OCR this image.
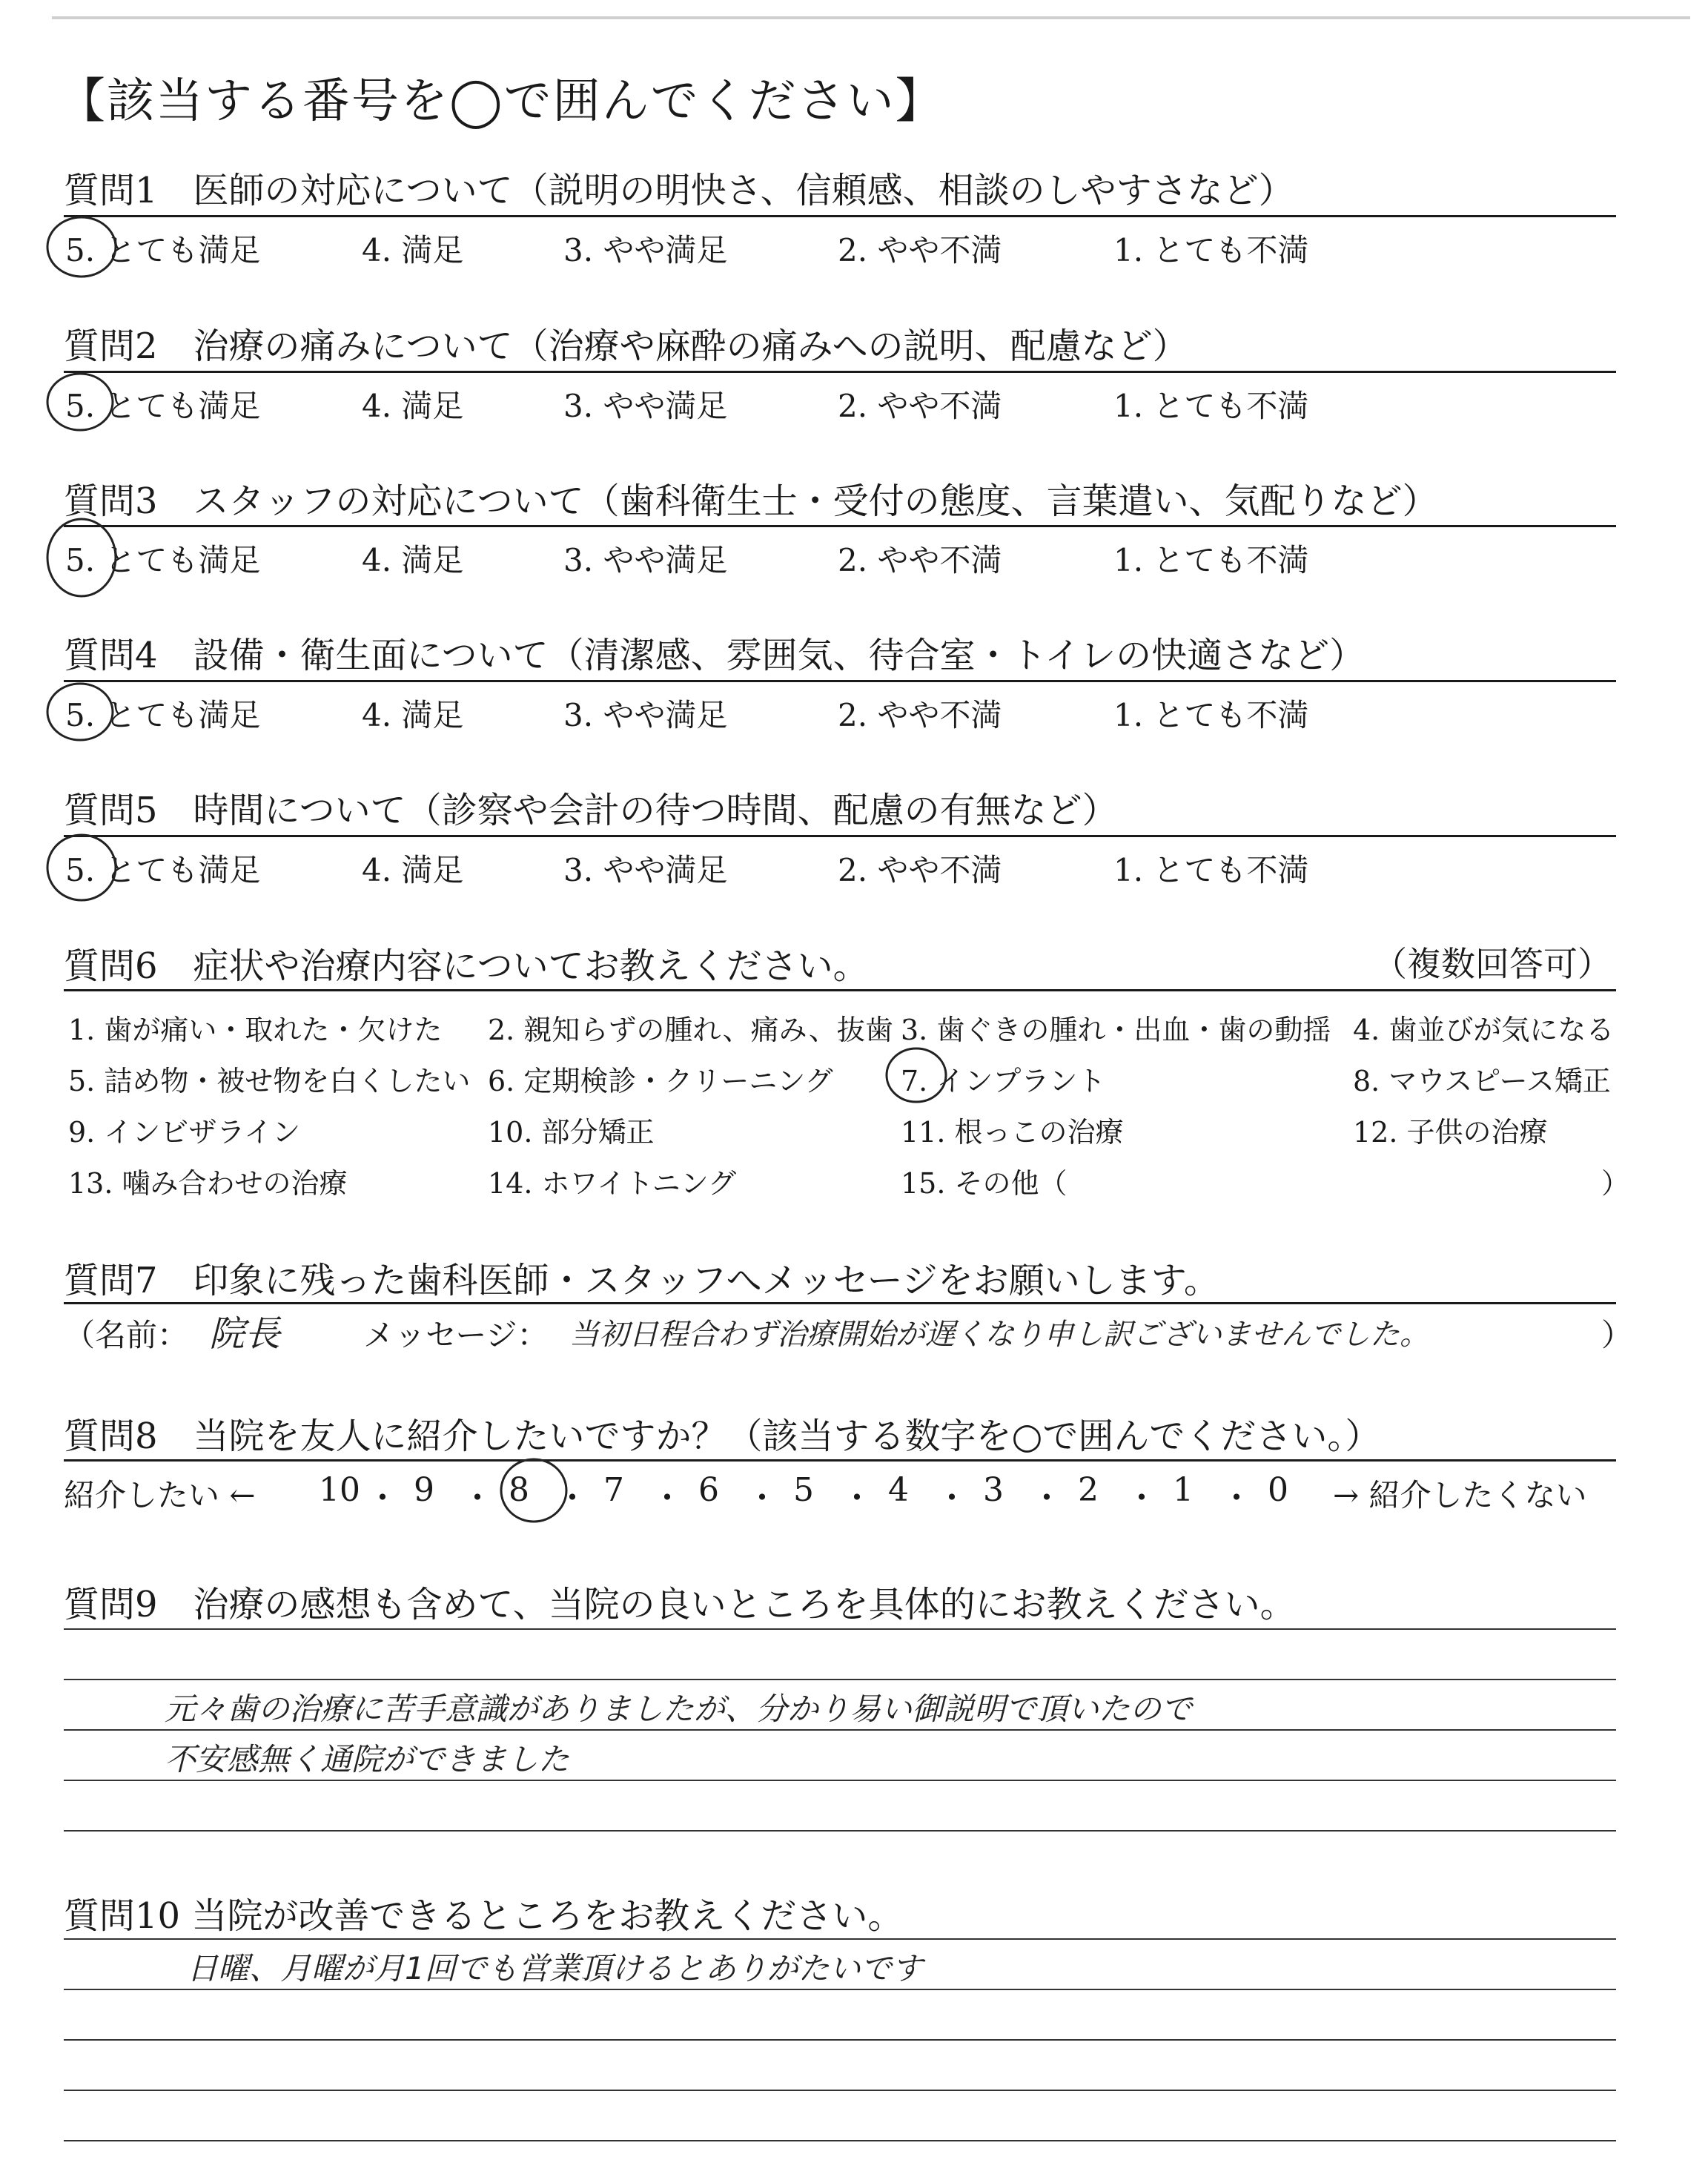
【該当する番号を◯で囲んでください】
質問1　医師の対応について（説明の明快さ、信頼感、相談のしやすさなど）
5. とても満足	4. 満足	3. やや満足	2. やや不満	1. とても不満
質問2　治療の痛みについて（治療や麻酔の痛みへの説明、配慮など）
5. とても満足	4. 満足	3. やや満足	2. やや不満	1. とても不満
質問3　スタッフの対応について（歯科衛生士・受付の態度、言葉遣い、気配りなど）
5. とても満足	4. 満足	3. やや満足	2. やや不満	1. とても不満
質問4　設備・衛生面について（清潔感、雰囲気、待合室・トイレの快適さなど）
5. とても満足	4. 満足	3. やや満足	2. やや不満	1. とても不満
質問5　時間について（診察や会計の待つ時間、配慮の有無など）
5. とても満足	4. 満足	3. やや満足	2. やや不満	1. とても不満
質問6　症状や治療内容についてお教えください。	（複数回答可）
1. 歯が痛い・取れた・欠けた 2. 親知らずの腫れ、痛み、抜歯 3. 歯ぐきの腫れ・出血・歯の動揺 4. 歯並びが気になる
5. 詰め物・被せ物を白くしたい 6. 定期検診・クリーニング 7. インプラント	8. マウスピース矯正
9. インビザライン	10. 部分矯正	11. 根っこの治療	12. 子供の治療
13. 噛み合わせの治療	14. ホワイトニング	15. その他（	）
質問7　印象に残った歯科医師・スタッフへメッセージをお願いします。
（名前： 院長	メッセージ： 当初日程合わず治療開始が遅くなり申し訳ございませんでした。	）
質問8　当院を友人に紹介したいですか？（該当する数字を○で囲んでください。）
紹介したい ← 10 ・ 9 ・ 8 ・ 7 ・ 6 ・ 5 ・ 4 ・ 3 ・ 2 ・ 1 ・ 0 → 紹介したくない
質問9　治療の感想も含めて、当院の良いところを具体的にお教えください。
元々歯の治療に苦手意識がありましたが、分かり易い御説明で頂いたので
不安感無く通院ができました
質問10 当院が改善できるところをお教えください。
日曜、月曜が月1回でも営業頂けるとありがたいです
